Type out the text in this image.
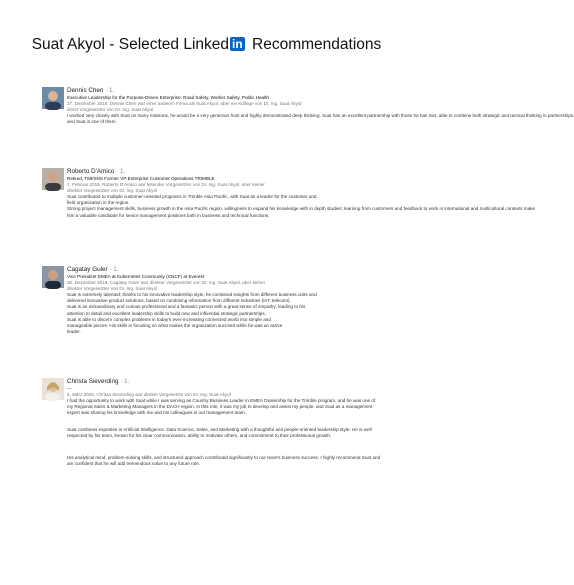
Suat Akyol - Selected Linked in Recommendations
Dennis Chen · 1.
Executive Leadership for the Purpose-Driven Enterprise: Road Safety, Worker Safety, Public Health
27. Dezember 2018, Dennis Chen war einer anderen Firma als Suat Akyol, aber ein Kollege von Dr. Ing. Suat Akyol
direct Vorgesetzter von Dr. Ing. Suat Akyol
I worked very closely with Suat on many missions, he would be a very generous host and highly demonstrated deep thinking. Suat has an excellent partnership with those he has met, able to combine both strategic and tactical thinking in partnerships.
and Suat is one of them.
Roberto D'Amico · 1.
Retired, TMI/SNS Former VP Enterprise Customer Operations TRIMBLE
1. Februar 2019, Roberto D'Amico war leitender Vorgesetzter von Dr. Ing. Suat Akyol, aber keiner
direkter Vorgesetzter von Dr. Ing. Suat Akyol
Suat contributed to multiple customer-oriented programs in Trimble Asia Pacific, with Suat as a leader for the customer and
field organization in the region.
Strong project management skills, business growth in the Asia Pacific region, willingness to expand his knowledge with in depth studies; learning from customers and feedback to work in international and multicultural contexts make
him a valuable candidate for senior management positions both in business and technical functions.
Cagatay Guler · 1.
Vice President EMEA at Kubernetes Community (CNCF) at Everest
30. Dezember 2019, Cagatay Guler war direkter Vorgesetzter von Dr. Ing. Suat Akyol, aber keiner
direkter Vorgesetzter von Dr. Ing. Suat Akyol
Suat is extremely talented; thanks to his innovative leadership style, he combined insights from different business units and
delivered innovative product solutions, based on combining information from different industries (IoT, telecom).
Suat is an extraordinary and curious professional and a fantastic person with a great sense of empathy; leading to his
attention to detail and excellent leadership skills to build new and influential strategic partnerships.
Suat is able to discern complex problems in today's ever-increasing connected world into simple and
manageable pieces. His skills in focusing on what makes the organization succeed while he was an active
leader.
Christa Sieverding · 1.
---
6. März 2020, Christa Sieverding war direkte Vorgesetzte von Dr. Ing. Suat Akyol
I had the opportunity to work with Suat while I was serving as Country Business Leader in EMEA Dealership for the Trimble program, and he was one of my Regional Sales & Marketing Managers in the DACH region. In this role, it was my job to develop and assist my people, and Suat as a management expert was sharing his knowledge with me and his colleagues in our management team.
Suat combines expertise in Artificial Intelligence, Data Science, Sales, and Marketing with a thoughtful and people-oriented leadership style. He is well respected by his team, known for his clear communication, ability to motivate others, and commitment to their professional growth.
His analytical mind, problem-solving skills, and structured approach contributed significantly to our team's business success. I highly recommend Suat and am confident that he will add tremendous value to any future role.
